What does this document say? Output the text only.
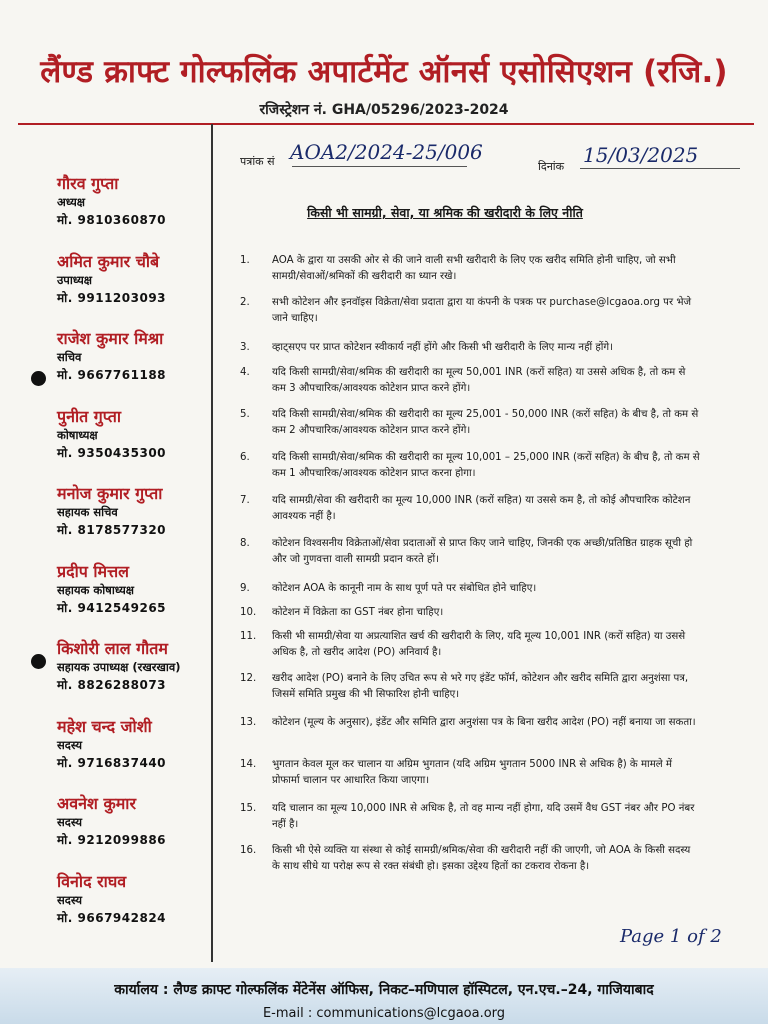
लैंण्ड क्राफ्ट गोल्फलिंक अपार्टमेंट ऑनर्स एसोसिएशन (रजि.)
रजिस्ट्रेशन नं. GHA/05296/2023-2024
गौरव गुप्ता
अध्यक्ष
मो. 9810360870
अमित कुमार चौबे
उपाध्यक्ष
मो. 9911203093
राजेश कुमार मिश्रा
सचिव
मो. 9667761188
पुनीत गुप्ता
कोषाध्यक्ष
मो. 9350435300
मनोज कुमार गुप्ता
सहायक सचिव
मो. 8178577320
प्रदीप मित्तल
सहायक कोषाध्यक्ष
मो. 9412549265
किशोरी लाल गौतम
सहायक उपाध्यक्ष (रखरखाव)
मो. 8826288073
महेश चन्द जोशी
सदस्य
मो. 9716837440
अवनेश कुमार
सदस्य
मो. 9212099886
विनोद राघव
सदस्य
मो. 9667942824
पत्रांक सं AOA2/2024-25/006
दिनांक 15/03/2025
किसी भी सामग्री, सेवा, या श्रमिक की खरीदारी के लिए नीति
1.	AOA के द्वारा या उसकी ओर से की जाने वाली सभी खरीदारी के लिए एक खरीद समिति होनी चाहिए, जो सभी सामग्री/सेवाओं/श्रमिकों की खरीदारी का ध्यान रखे।
2.	सभी कोटेशन और इनवॉइस विक्रेता/सेवा प्रदाता द्वारा या कंपनी के पत्रक पर purchase@lcgaoa.org पर भेजे जाने चाहिए।
3.	व्हाट्सएप पर प्राप्त कोटेशन स्वीकार्य नहीं होंगे और किसी भी खरीदारी के लिए मान्य नहीं होंगे।
4.	यदि किसी सामग्री/सेवा/श्रमिक की खरीदारी का मूल्य 50,001 INR (करों सहित) या उससे अधिक है, तो कम से कम 3 औपचारिक/आवश्यक कोटेशन प्राप्त करने होंगे।
5.	यदि किसी सामग्री/सेवा/श्रमिक की खरीदारी का मूल्य 25,001 - 50,000 INR (करों सहित) के बीच है, तो कम से कम 2 औपचारिक/आवश्यक कोटेशन प्राप्त करने होंगे।
6.	यदि किसी सामग्री/सेवा/श्रमिक की खरीदारी का मूल्य 10,001 – 25,000 INR (करों सहित) के बीच है, तो कम से कम 1 औपचारिक/आवश्यक कोटेशन प्राप्त करना होगा।
7.	यदि सामग्री/सेवा की खरीदारी का मूल्य 10,000 INR (करों सहित) या उससे कम है, तो कोई औपचारिक कोटेशन आवश्यक नहीं है।
8.	कोटेशन विश्वसनीय विक्रेताओं/सेवा प्रदाताओं से प्राप्त किए जाने चाहिए, जिनकी एक अच्छी/प्रतिष्ठित ग्राहक सूची हो और जो गुणवत्ता वाली सामग्री प्रदान करते हों।
9.	कोटेशन AOA के कानूनी नाम के साथ पूर्ण पते पर संबोधित होने चाहिए।
10.	कोटेशन में विक्रेता का GST नंबर होना चाहिए।
11.	किसी भी सामग्री/सेवा या अप्रत्याशित खर्च की खरीदारी के लिए, यदि मूल्य 10,001 INR (करों सहित) या उससे अधिक है, तो खरीद आदेश (PO) अनिवार्य है।
12.	खरीद आदेश (PO) बनाने के लिए उचित रूप से भरे गए इंडेंट फॉर्म, कोटेशन और खरीद समिति द्वारा अनुशंसा पत्र, जिसमें समिति प्रमुख की भी सिफारिश होनी चाहिए।
13.	कोटेशन (मूल्य के अनुसार), इंडेंट और समिति द्वारा अनुशंसा पत्र के बिना खरीद आदेश (PO) नहीं बनाया जा सकता।
14.	भुगतान केवल मूल कर चालान या अग्रिम भुगतान (यदि अग्रिम भुगतान 5000 INR से अधिक है) के मामले में प्रोफार्मा चालान पर आधारित किया जाएगा।
15.	यदि चालान का मूल्य 10,000 INR से अधिक है, तो वह मान्य नहीं होगा, यदि उसमें वैध GST नंबर और PO नंबर नहीं है।
16.	किसी भी ऐसे व्यक्ति या संस्था से कोई सामग्री/श्रमिक/सेवा की खरीदारी नहीं की जाएगी, जो AOA के किसी सदस्य के साथ सीधे या परोक्ष रूप से रक्त संबंधी हो। इसका उद्देश्य हितों का टकराव रोकना है।
Page 1 of 2
कार्यालय : लैण्ड क्राफ्ट गोल्फलिंक मेंटेनेंस ऑफिस, निकट–मणिपाल हॉस्पिटल, एन.एच.–24, गाजियाबाद
E-mail : communications@lcgaoa.org
